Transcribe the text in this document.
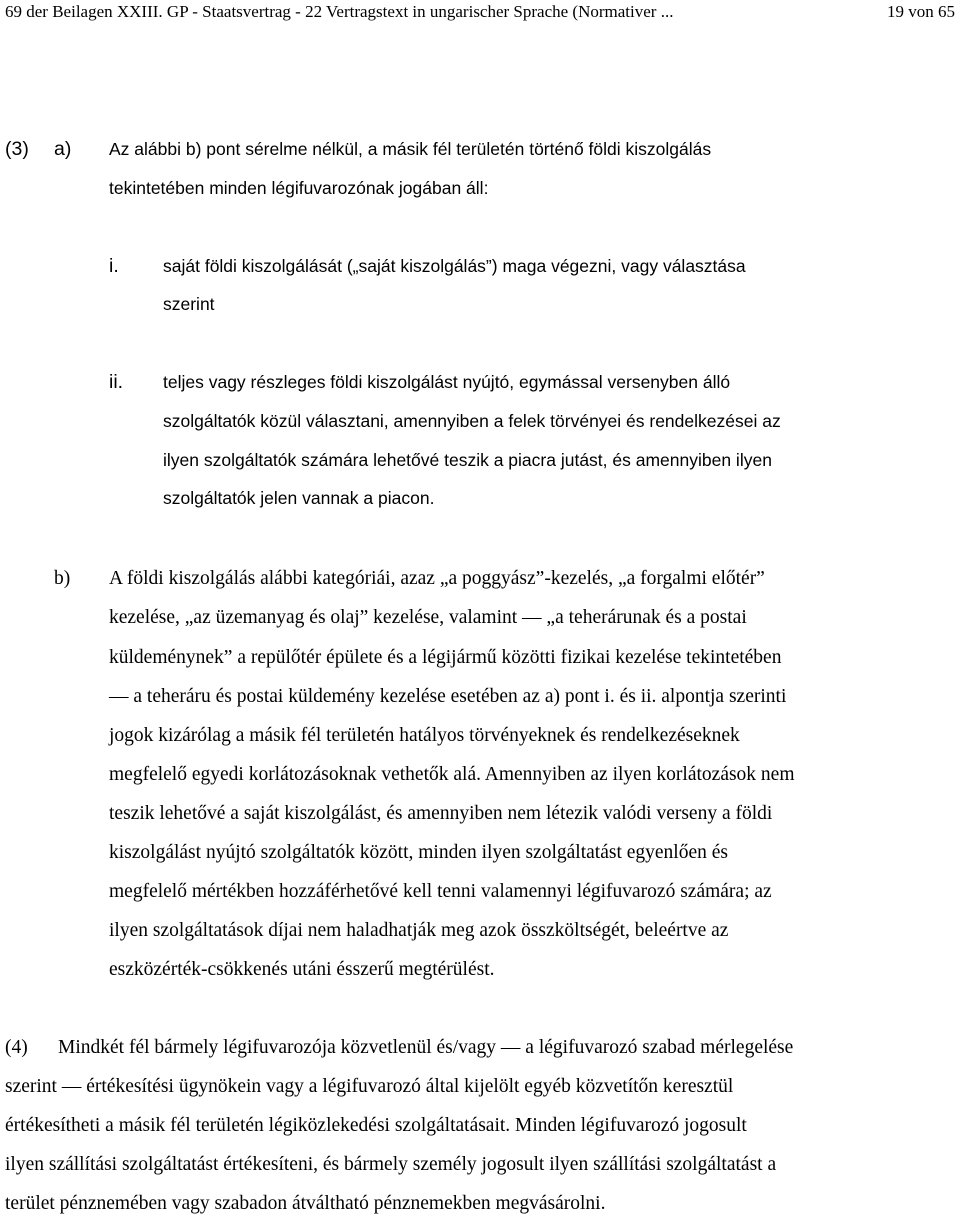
69 der Beilagen XXIII. GP - Staatsvertrag - 22 Vertragstext in ungarischer Sprache (Normativer ...	19 von 65
(3) a) Az alábbi b) pont sérelme nélkül, a másik fél területén történő földi kiszolgálás
tekintetében minden légifuvarozónak jogában áll:
i.	saját földi kiszolgálását („saját kiszolgálás”) maga végezni, vagy választása
szerint
ii. teljes vagy részleges földi kiszolgálást nyújtó, egymással versenyben álló
szolgáltatók közül választani, amennyiben a felek törvényei és rendelkezései az
ilyen szolgáltatók számára lehetővé teszik a piacra jutást, és amennyiben ilyen
szolgáltatók jelen vannak a piacon.
b) A földi kiszolgálás alábbi kategóriái, azaz „a poggyász”-kezelés, „a forgalmi előtér”
kezelése, „az üzemanyag és olaj” kezelése, valamint — „a teherárunak és a postai
küldeménynek” a repülőtér épülete és a légijármű közötti fizikai kezelése tekintetében
— a teheráru és postai küldemény kezelése esetében az a) pont i. és ii. alpontja szerinti
jogok kizárólag a másik fél területén hatályos törvényeknek és rendelkezéseknek
megfelelő egyedi korlátozásoknak vethetők alá. Amennyiben az ilyen korlátozások nem
teszik lehetővé a saját kiszolgálást, és amennyiben nem létezik valódi verseny a földi
kiszolgálást nyújtó szolgáltatók között, minden ilyen szolgáltatást egyenlően és
megfelelő mértékben hozzáférhetővé kell tenni valamennyi légifuvarozó számára; az
ilyen szolgáltatások díjai nem haladhatják meg azok összköltségét, beleértve az
eszközérték-csökkenés utáni ésszerű megtérülést.
(4) Mindkét fél bármely légifuvarozója közvetlenül és/vagy — a légifuvarozó szabad mérlegelése
szerint — értékesítési ügynökein vagy a légifuvarozó által kijelölt egyéb közvetítőn keresztül
értékesítheti a másik fél területén légiközlekedési szolgáltatásait. Minden légifuvarozó jogosult
ilyen szállítási szolgáltatást értékesíteni, és bármely személy jogosult ilyen szállítási szolgáltatást a
terület pénznemében vagy szabadon átváltható pénznemekben megvásárolni.
